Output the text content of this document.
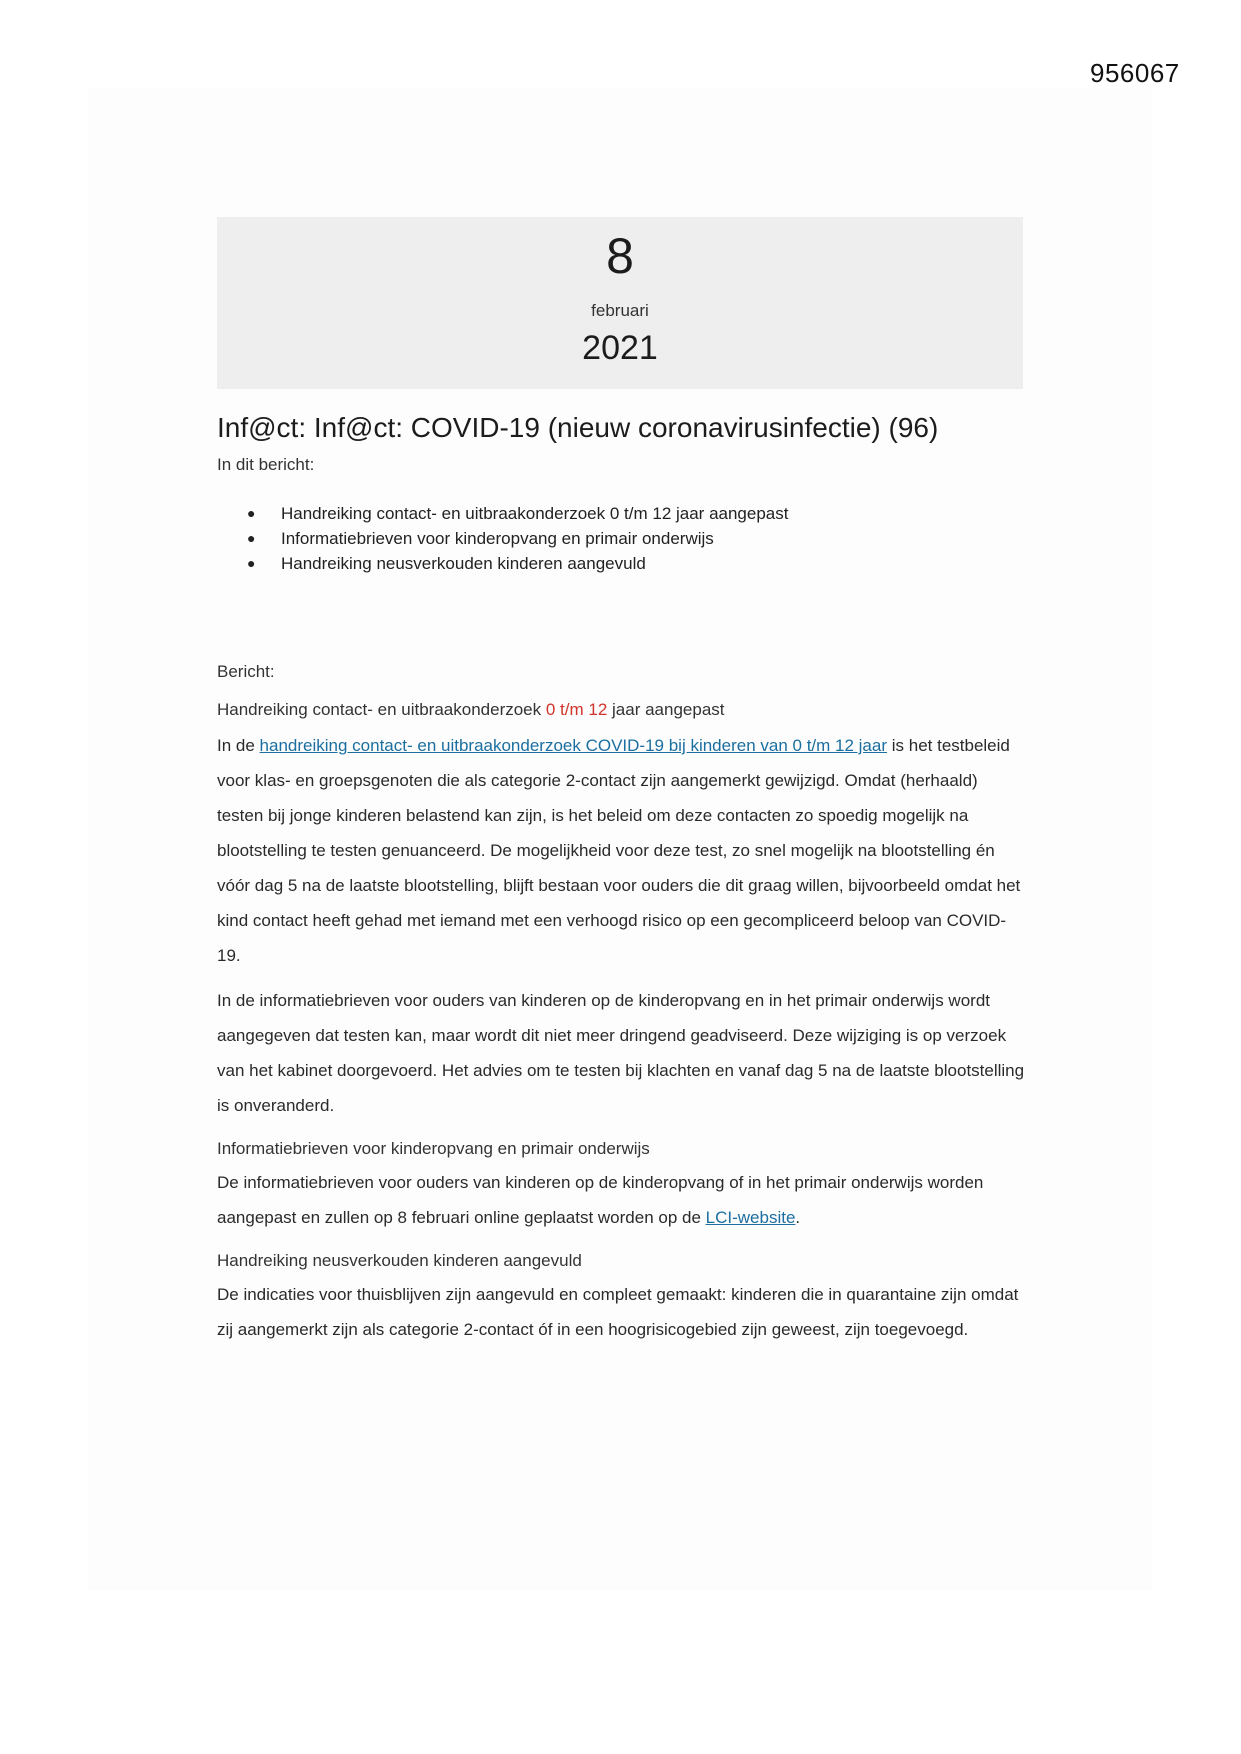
956067
8
februari
2021
Inf@ct: Inf@ct: COVID-19 (nieuw coronavirusinfectie) (96)

In dit bericht:

● Handreiking contact- en uitbraakonderzoek 0 t/m 12 jaar aangepast
● Informatiebrieven voor kinderopvang en primair onderwijs
● Handreiking neusverkouden kinderen aangevuld

Bericht:

Handreiking contact- en uitbraakonderzoek 0 t/m 12 jaar aangepast

In de handreiking contact- en uitbraakonderzoek COVID-19 bij kinderen van 0 t/m 12 jaar is het testbeleid voor klas- en groepsgenoten die als categorie 2-contact zijn aangemerkt gewijzigd. Omdat (herhaald) testen bij jonge kinderen belastend kan zijn, is het beleid om deze contacten zo spoedig mogelijk na blootstelling te testen genuanceerd. De mogelijkheid voor deze test, zo snel mogelijk na blootstelling én vóór dag 5 na de laatste blootstelling, blijft bestaan voor ouders die dit graag willen, bijvoorbeeld omdat het kind contact heeft gehad met iemand met een verhoogd risico op een gecompliceerd beloop van COVID-19.

In de informatiebrieven voor ouders van kinderen op de kinderopvang en in het primair onderwijs wordt aangegeven dat testen kan, maar wordt dit niet meer dringend geadviseerd. Deze wijziging is op verzoek van het kabinet doorgevoerd. Het advies om te testen bij klachten en vanaf dag 5 na de laatste blootstelling is onveranderd.

Informatiebrieven voor kinderopvang en primair onderwijs

De informatiebrieven voor ouders van kinderen op de kinderopvang of in het primair onderwijs worden aangepast en zullen op 8 februari online geplaatst worden op de LCI-website.

Handreiking neusverkouden kinderen aangevuld

De indicaties voor thuisblijven zijn aangevuld en compleet gemaakt: kinderen die in quarantaine zijn omdat zij aangemerkt zijn als categorie 2-contact óf in een hoogrisicogebied zijn geweest, zijn toegevoegd.
